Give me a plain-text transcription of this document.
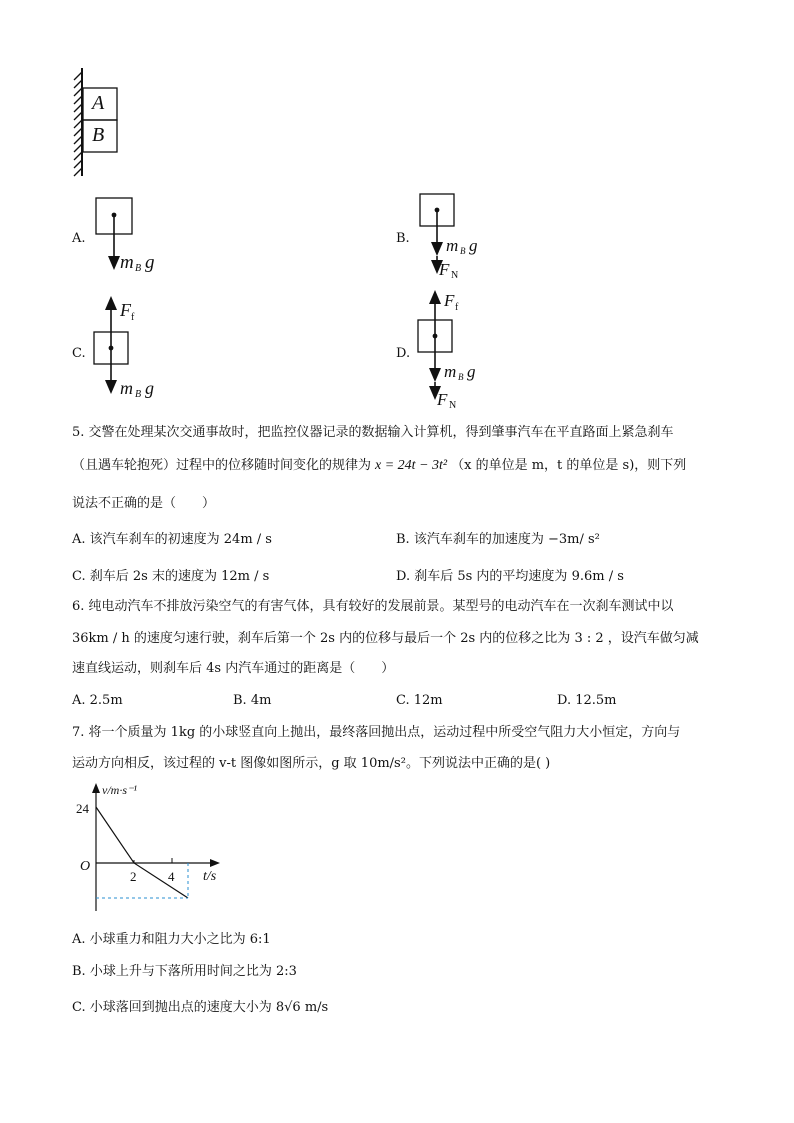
A
B
A.
m B g
B. m B g
F N
C.
F f
m B g
D.
F f
m B g
F N
5. 交警在处理某次交通事故时，把监控仪器记录的数据输入计算机，得到肇事汽车在平直路面上紧急刹车
（且遇车轮抱死）过程中的位移随时间变化的规律为 x = 24t − 3t² （x 的单位是 m，t 的单位是 s)，则下列
说法不正确的是（　　）
A. 该汽车刹车的初速度为 24m / s	B. 该汽车刹车的加速度为 −3m/ s²
C. 刹车后 2s 末的速度为 12m / s	D. 刹车后 5s 内的平均速度为 9.6m / s
6. 纯电动汽车不排放污染空气的有害气体，具有较好的发展前景。某型号的电动汽车在一次刹车测试中以
36km / h 的速度匀速行驶，刹车后第一个 2s 内的位移与最后一个 2s 内的位移之比为 3 : 2 ，设汽车做匀减
速直线运动，则刹车后 4s 内汽车通过的距离是（　　）
A. 2.5m	B. 4m	C. 12m	D. 12.5m
7. 将一个质量为 1kg 的小球竖直向上抛出，最终落回抛出点，运动过程中所受空气阻力大小恒定，方向与
运动方向相反，该过程的 v-t 图像如图所示，g 取 10m/s²。下列说法中正确的是( )
v/m·s⁻¹
24
O
2 4 t/s
A. 小球重力和阻力大小之比为 6:1
B. 小球上升与下落所用时间之比为 2:3
C. 小球落回到抛出点的速度大小为 8√6 m/s
